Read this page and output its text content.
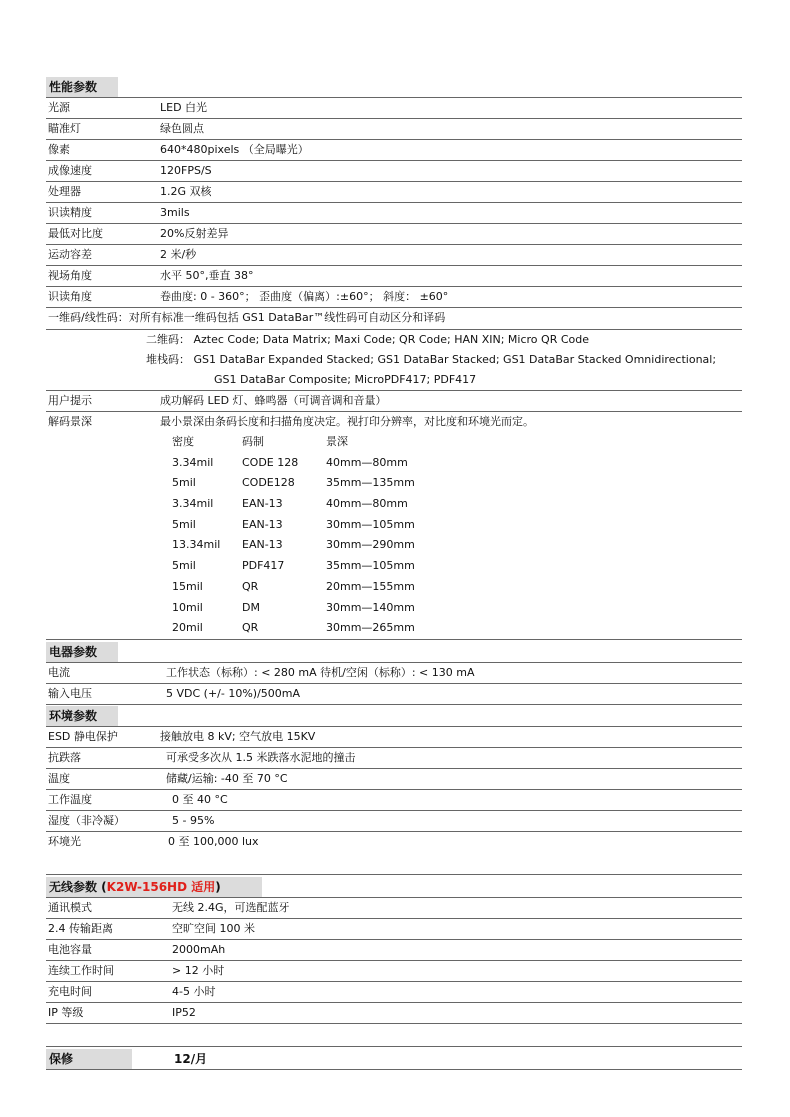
性能参数
光源	LED 白光
瞄准灯	绿色圆点
像素	640*480pixels （全局曝光）
成像速度	120FPS/S
处理器	1.2G 双核
识读精度	3mils
最低对比度	20%反射差异
运动容差	2 米/秒
视场角度	水平 50°,垂直 38°
识读角度	卷曲度: 0 - 360°； 歪曲度（偏离）:±60°； 斜度： ±60°
一维码/线性码：对所有标准一维码包括 GS1 DataBar™线性码可自动区分和译码
二维码： Aztec Code; Data Matrix; Maxi Code; QR Code; HAN XIN; Micro QR Code
堆栈码： GS1 DataBar Expanded Stacked; GS1 DataBar Stacked; GS1 DataBar Stacked Omnidirectional;
GS1 DataBar Composite; MicroPDF417; PDF417
用户提示	成功解码 LED 灯、蜂鸣器（可调音调和音量）
解码景深	最小景深由条码长度和扫描角度决定。视打印分辨率，对比度和环境光而定。
密度	码制	景深
3.34mil	CODE 128	40mm—80mm
5mil	CODE128	35mm—135mm
3.34mil	EAN-13	40mm—80mm
5mil	EAN-13	30mm—105mm
13.34mil EAN-13	30mm—290mm
5mil	PDF417	35mm—105mm
15mil	QR	20mm—155mm
10mil	DM	30mm—140mm
20mil	QR	30mm—265mm
电器参数
电流	工作状态（标称）: < 280 mA 待机/空闲（标称）: < 130 mA
输入电压	5 VDC (+/- 10%)/500mA
环境参数
ESD 静电保护	接触放电 8 kV; 空气放电 15KV
抗跌落	可承受多次从 1.5 米跌落水泥地的撞击
温度	储藏/运输: -40 至 70 °C
工作温度	0 至 40 °C
湿度（非冷凝）	5 - 95%
环境光	0 至 100,000 lux
无线参数 (K2W-156HD 适用)
通讯模式	无线 2.4G，可选配蓝牙
2.4 传输距离	空旷空间 100 米
电池容量	2000mAh
连续工作时间	> 12 小时
充电时间	4-5 小时
IP 等级	IP52
保修	12/月
